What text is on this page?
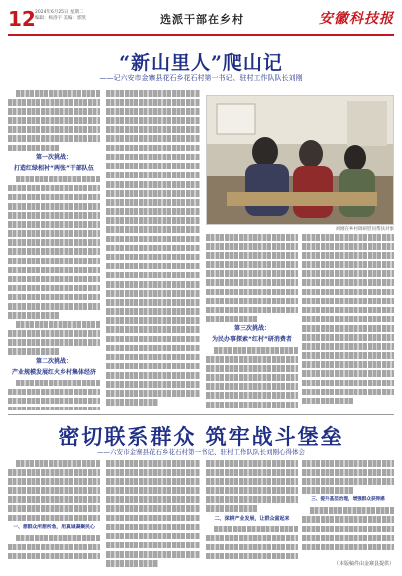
12 2024年6月25日 星期二
编辑：杨洛宇 美编：郭凯	选派干部在乡村	安徽科技报
“新山里人”爬山记
——记六安市金寨县花石乡花石村第一书记、驻村工作队队长刘刚
第一次挑战：
打造红绿相衬“两张”干部队伍
第二次挑战：
产业规模发展红火乡村集体经济
刘刚在乡村调研慰问帮扶对象
第三次挑战：
为民办事探索“红村”研消费者
密切联系群众 筑牢战斗堡垒
——六安市金寨县花石乡花石村第一书记、驻村工作队队长刘刚心得体会
一、想群众所想所急，用真诚凝聚民心
二、深耕产业发展，让群众富起来
三、提升基层治理，增强群众获得感
（本版稿件由金寨县提供）
